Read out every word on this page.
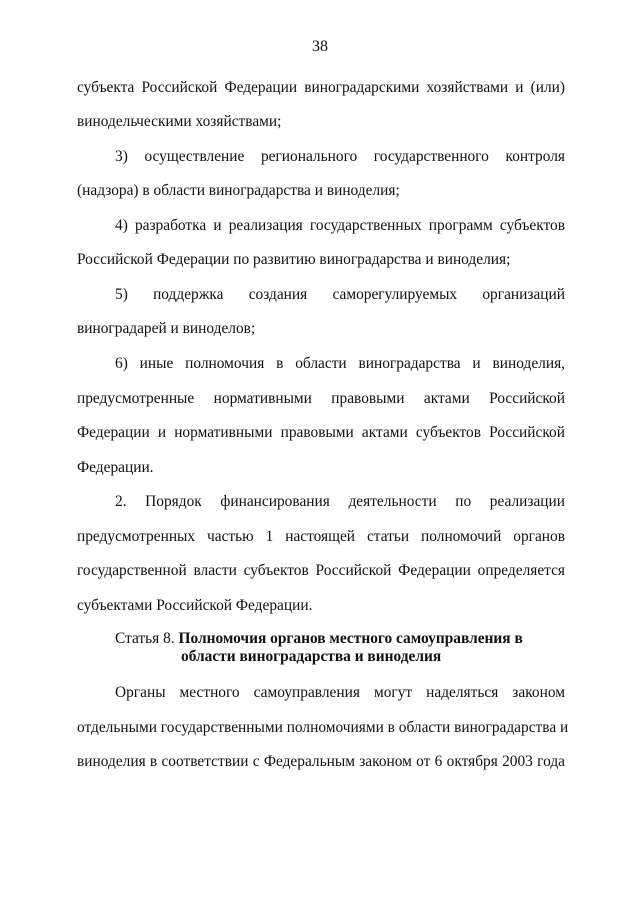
38
субъекта Российской Федерации виноградарскими хозяйствами и (или)
винодельческими хозяйствами;
3) осуществление регионального государственного контроля
(надзора) в области виноградарства и виноделия;
4) разработка и реализация государственных программ субъектов
Российской Федерации по развитию виноградарства и виноделия;
5) поддержка создания саморегулируемых организаций
виноградарей и виноделов;
6) иные полномочия в области виноградарства и виноделия,
предусмотренные нормативными правовыми актами Российской
Федерации и нормативными правовыми актами субъектов Российской
Федерации.
2. Порядок финансирования деятельности по реализации
предусмотренных частью 1 настоящей статьи полномочий органов
государственной власти субъектов Российской Федерации определяется
субъектами Российской Федерации.
Статья 8. Полномочия органов местного самоуправления в
области виноградарства и виноделия
Органы местного самоуправления могут наделяться законом
отдельными государственными полномочиями в области виноградарства и
виноделия в соответствии с Федеральным законом от 6 октября 2003 года
